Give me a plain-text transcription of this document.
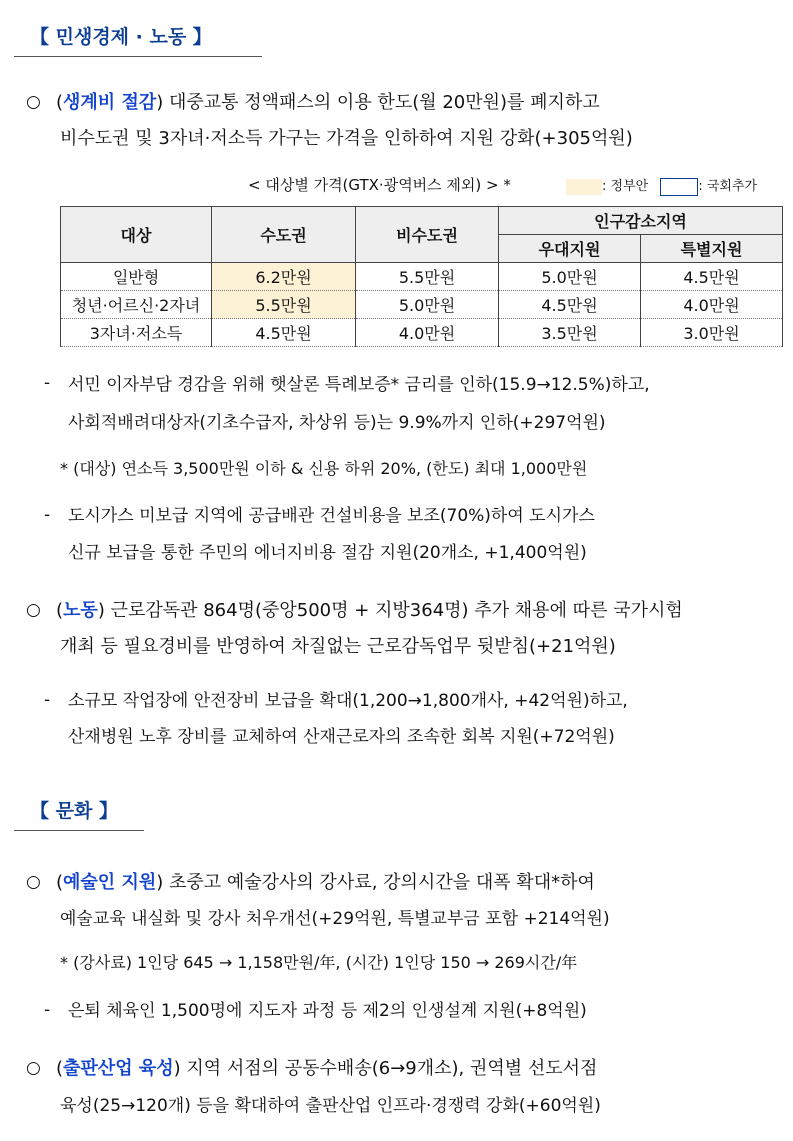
【 민생경제 · 노동 】
○ (생계비 절감) 대중교통 정액패스의 이용 한도(월 20만원)를 폐지하고
비수도권 및 3자녀·저소득 가구는 가격을 인하하여 지원 강화(+305억원)
< 대상별 가격(GTX·광역버스 제외) > *	: 정부안	: 국회추가
대상	수도권	비수도권	인구감소지역	
			우대지원	특별지원
일반형	6.2만원	5.5만원	5.0만원	4.5만원
청년·어르신·2자녀	5.5만원	5.0만원	4.5만원	4.0만원
3자녀·저소득	4.5만원	4.0만원	3.5만원	3.0만원
- 서민 이자부담 경감을 위해 햇살론 특례보증* 금리를 인하(15.9→12.5%)하고,
사회적배려대상자(기초수급자, 차상위 등)는 9.9%까지 인하(+297억원)
* (대상) 연소득 3,500만원 이하 & 신용 하위 20%, (한도) 최대 1,000만원
- 도시가스 미보급 지역에 공급배관 건설비용을 보조(70%)하여 도시가스
신규 보급을 통한 주민의 에너지비용 절감 지원(20개소, +1,400억원)
○ (노동) 근로감독관 864명(중앙500명 + 지방364명) 추가 채용에 따른 국가시험
개최 등 필요경비를 반영하여 차질없는 근로감독업무 뒷받침(+21억원)
- 소규모 작업장에 안전장비 보급을 확대(1,200→1,800개사, +42억원)하고,
산재병원 노후 장비를 교체하여 산재근로자의 조속한 회복 지원(+72억원)
【 문화 】
○ (예술인 지원) 초중고 예술강사의 강사료, 강의시간을 대폭 확대*하여
예술교육 내실화 및 강사 처우개선(+29억원, 특별교부금 포함 +214억원)
* (강사료) 1인당 645 → 1,158만원/年, (시간) 1인당 150 → 269시간/年
- 은퇴 체육인 1,500명에 지도자 과정 등 제2의 인생설계 지원(+8억원)
○ (출판산업 육성) 지역 서점의 공동수배송(6→9개소), 권역별 선도서점
육성(25→120개) 등을 확대하여 출판산업 인프라·경쟁력 강화(+60억원)
